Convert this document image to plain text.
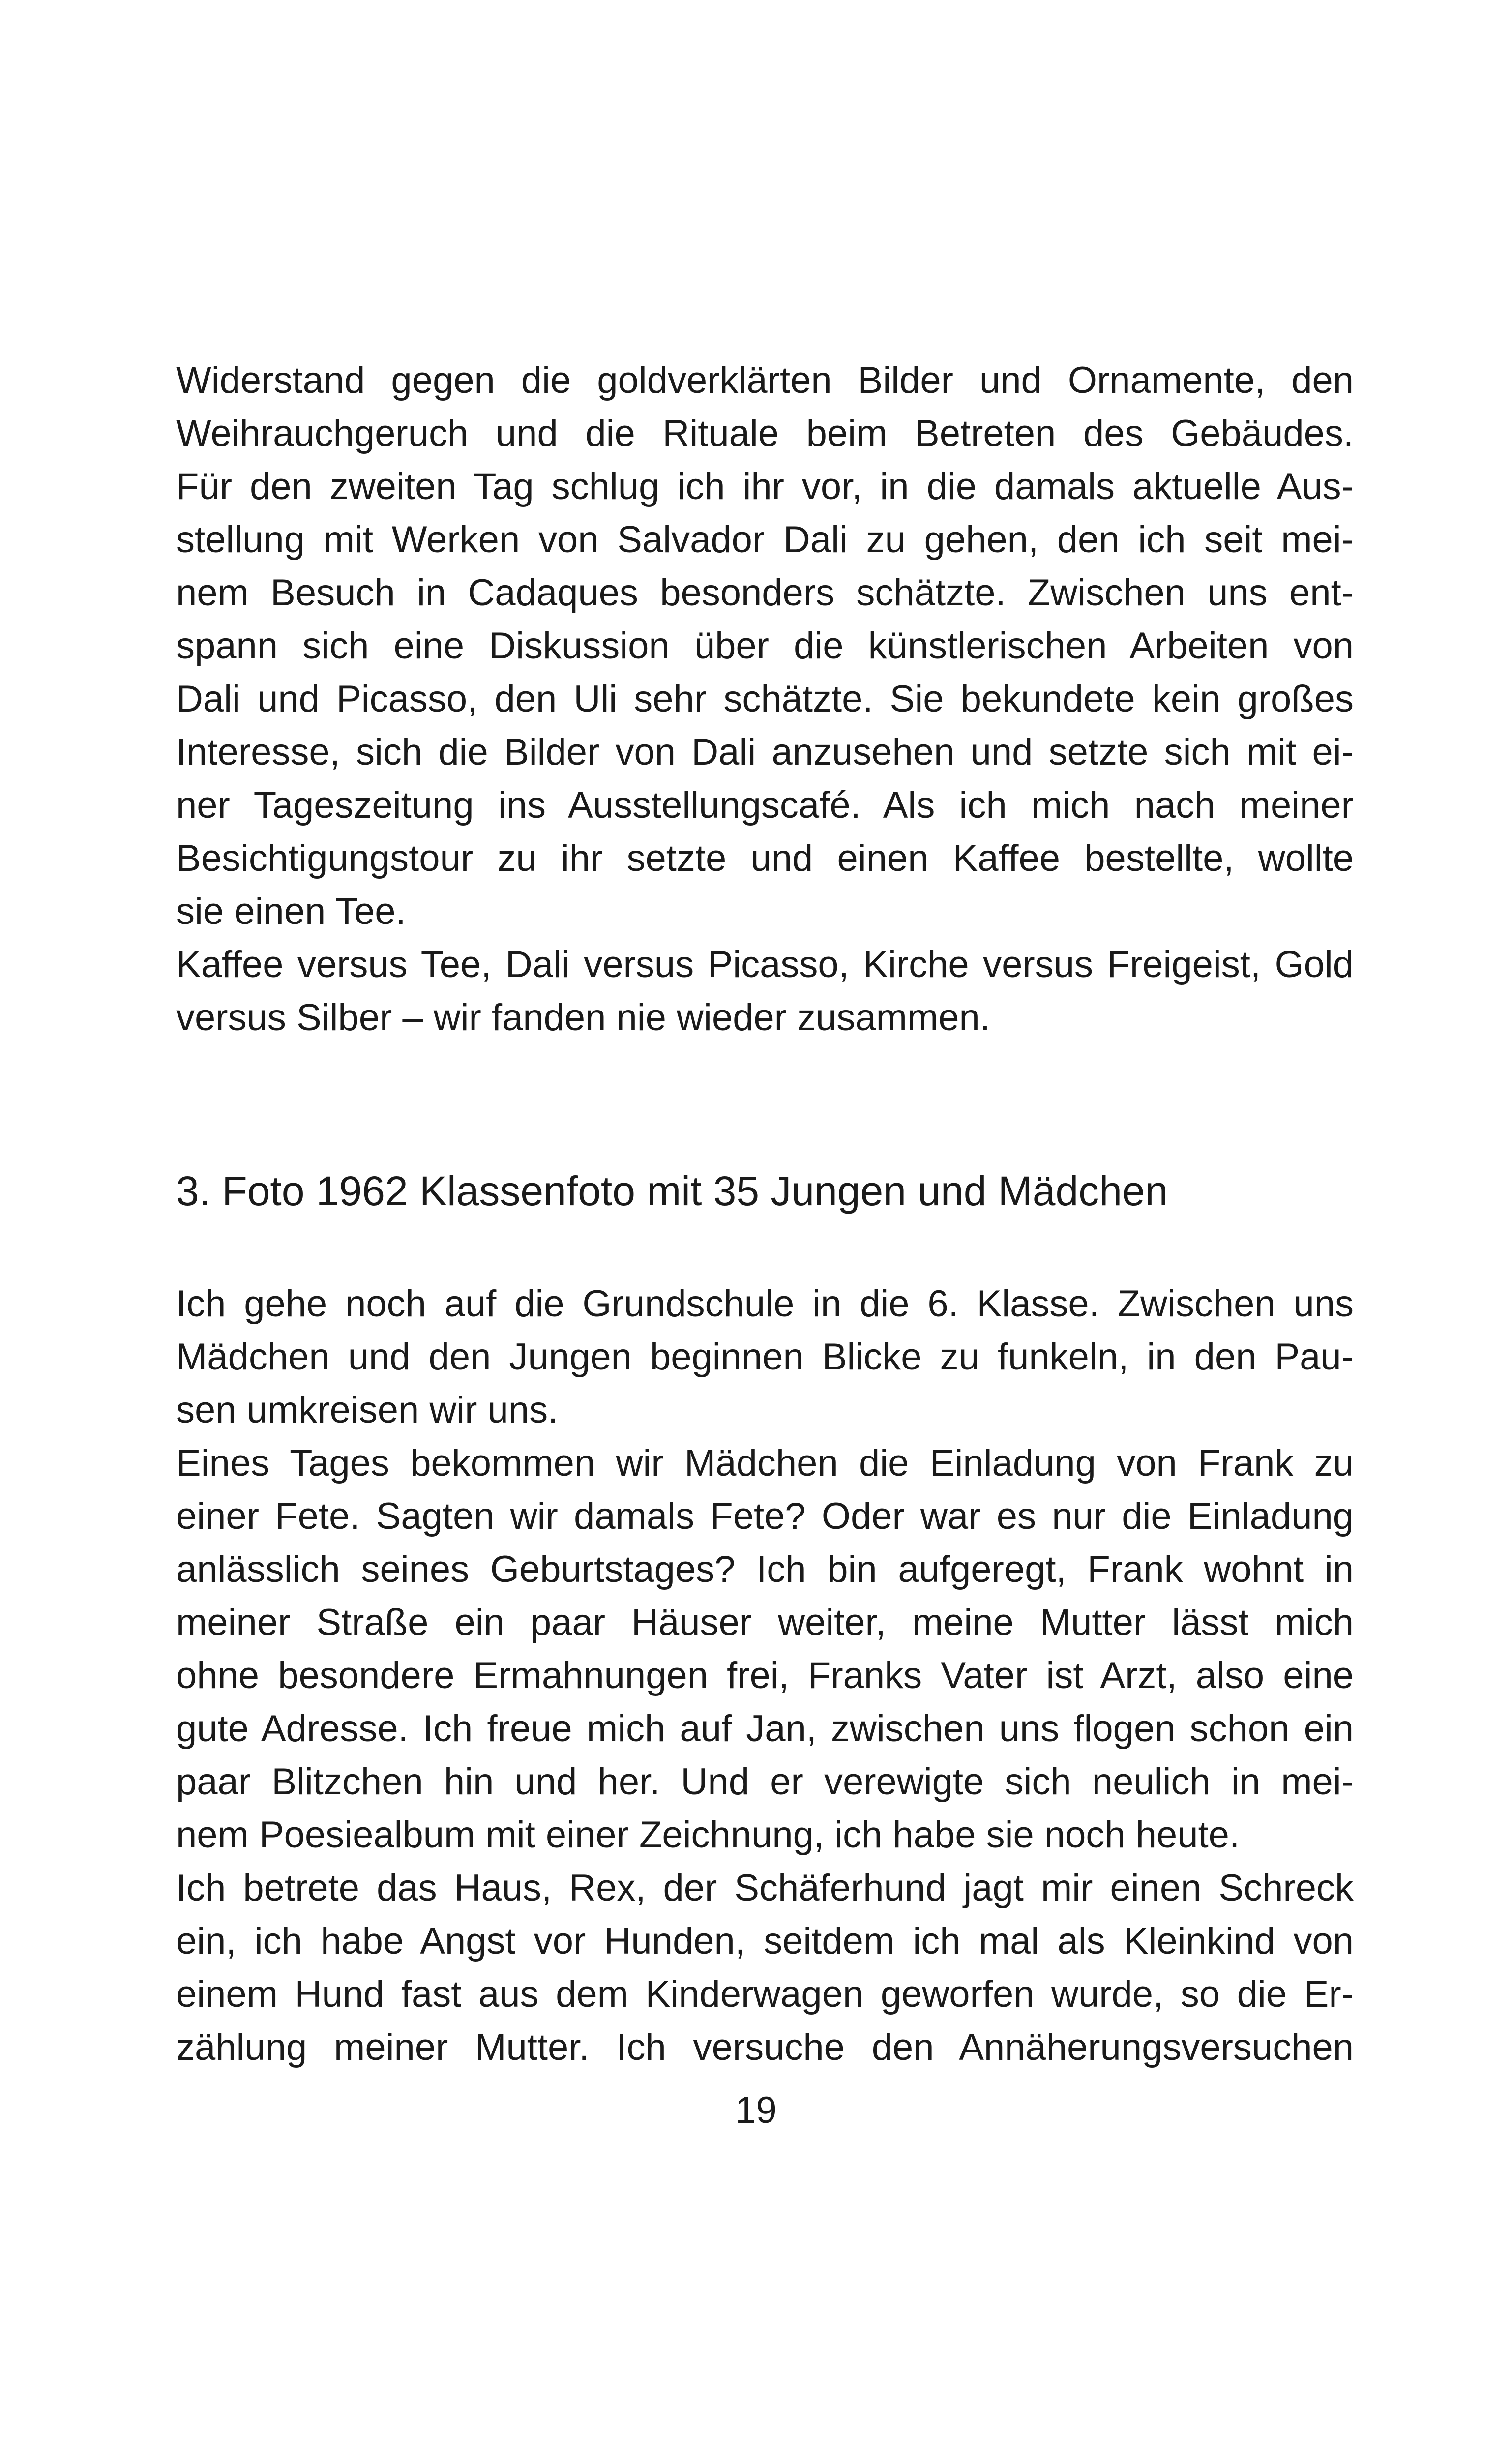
Widerstand gegen die goldverklärten Bilder und Ornamente, den
Weihrauchgeruch und die Rituale beim Betreten des Gebäudes.
Für den zweiten Tag schlug ich ihr vor, in die damals aktuelle Aus-
stellung mit Werken von Salvador Dali zu gehen, den ich seit mei-
nem Besuch in Cadaques besonders schätzte. Zwischen uns ent-
spann sich eine Diskussion über die künstlerischen Arbeiten von
Dali und Picasso, den Uli sehr schätzte. Sie bekundete kein großes
Interesse, sich die Bilder von Dali anzusehen und setzte sich mit ei-
ner Tageszeitung ins Ausstellungscafé. Als ich mich nach meiner
Besichtigungstour zu ihr setzte und einen Kaffee bestellte, wollte
sie einen Tee.
Kaffee versus Tee, Dali versus Picasso, Kirche versus Freigeist, Gold
versus Silber – wir fanden nie wieder zusammen.
3. Foto 1962 Klassenfoto mit 35 Jungen und Mädchen
Ich gehe noch auf die Grundschule in die 6. Klasse. Zwischen uns
Mädchen und den Jungen beginnen Blicke zu funkeln, in den Pau-
sen umkreisen wir uns.
Eines Tages bekommen wir Mädchen die Einladung von Frank zu
einer Fete. Sagten wir damals Fete? Oder war es nur die Einladung
anlässlich seines Geburtstages? Ich bin aufgeregt, Frank wohnt in
meiner Straße ein paar Häuser weiter, meine Mutter lässt mich
ohne besondere Ermahnungen frei, Franks Vater ist Arzt, also eine
gute Adresse. Ich freue mich auf Jan, zwischen uns flogen schon ein
paar Blitzchen hin und her. Und er verewigte sich neulich in mei-
nem Poesiealbum mit einer Zeichnung, ich habe sie noch heute.
Ich betrete das Haus, Rex, der Schäferhund jagt mir einen Schreck
ein, ich habe Angst vor Hunden, seitdem ich mal als Kleinkind von
einem Hund fast aus dem Kinderwagen geworfen wurde, so die Er-
zählung meiner Mutter. Ich versuche den Annäherungsversuchen
19
